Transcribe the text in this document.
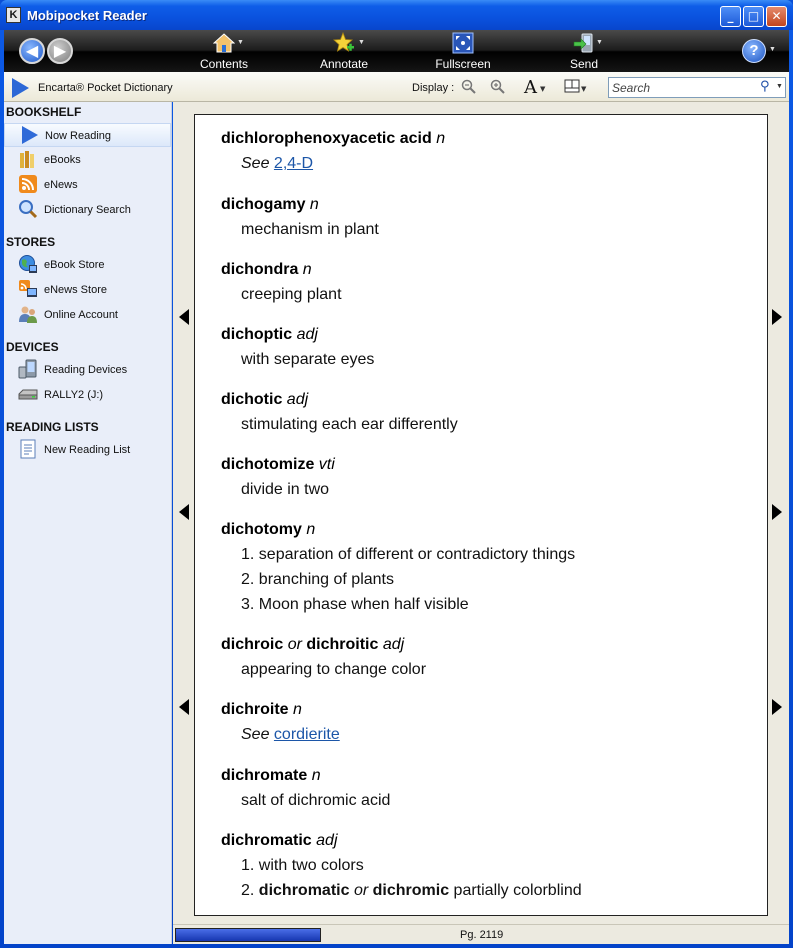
K Mobipocket Reader	_	□	✕
◀ ▶	▼
Contents
▼
Annotate	Fullscreen
▼
Send
?	▼
Encarta® Pocket Dictionary	Display :	A ▼	▼
Search	⚲ ▼
BOOKSHELF
Now Reading
eBooks
eNews
Dictionary Search
STORES
eBook Store
eNews Store
Online Account
DEVICES
Reading Devices
RALLY2 (J:)
READING LISTS
New Reading List
dichlorophenoxyacetic acid n
See 2,4-D
dichogamy n
mechanism in plant
dichondra n
creeping plant
dichoptic adj
with separate eyes
dichotic adj
stimulating each ear differently
dichotomize vti
divide in two
dichotomy n
1. separation of different or contradictory things
2. branching of plants
3. Moon phase when half visible
dichroic or dichroitic adj
appearing to change color
dichroite n
See cordierite
dichromate n
salt of dichromic acid
dichromatic adj
1. with two colors
2. dichromatic or dichromic partially colorblind
Pg. 2119
